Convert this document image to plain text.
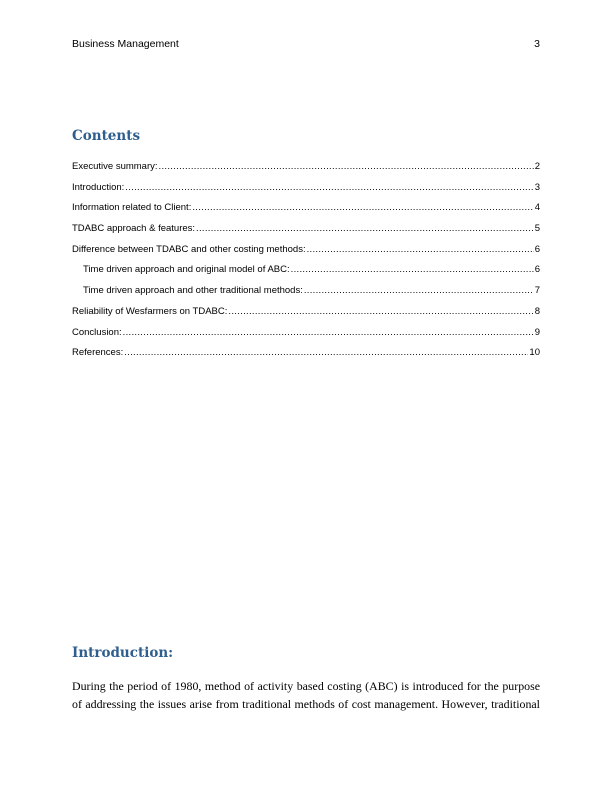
Business Management	3
Contents
Executive summary: .....	2
Introduction: .....	3
Information related to Client: .....	4
TDABC approach & features: .....	5
Difference between TDABC and other costing methods: .....	6
Time driven approach and original model of ABC: .....	6
Time driven approach and other traditional methods: .....	7
Reliability of Wesfarmers on TDABC: .....	8
Conclusion: .....	9
References: .....	10
Introduction:
During the period of 1980, method of activity based costing (ABC) is introduced for the purpose
of addressing the issues arise from traditional methods of cost management. However, traditional
